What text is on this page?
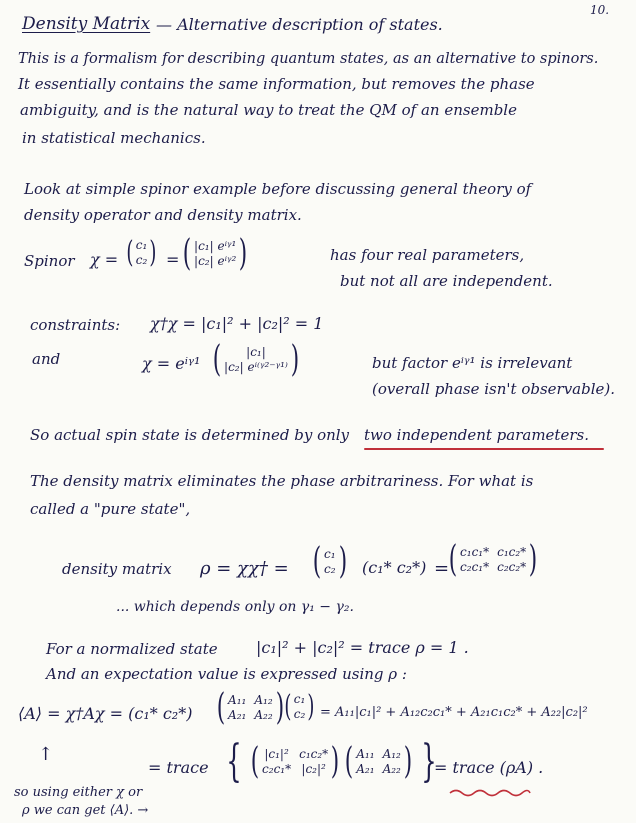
10.
Density Matrix — Alternative description of states.
This is a formalism for describing quantum states, as an alternative to spinors.
It essentially contains the same information, but removes the phase
ambiguity, and is the natural way to treat the QM of an ensemble
in statistical mechanics.
Look at simple spinor example before discussing general theory of
density operator and density matrix.
Spinor χ = ( c₁
c₂ ) = ( |c₁| eⁱᵞ¹
|c₂| eⁱᵞ² )	has four real parameters,
but not all are independent.
constraints: χ†χ = |c₁|² + |c₂|² = 1
and	χ = eⁱᵞ¹ (	|c₁|
|c₂| eⁱ⁽ᵞ²⁻ᵞ¹⁾ )	but factor eⁱᵞ¹ is irrelevant
(overall phase isn't observable).
So actual spin state is determined by only two independent parameters.
The density matrix eliminates the phase arbitrariness. For what is
called a "pure state",
density matrix ρ = χχ† = ( c₁
c₂ ) (c₁* c₂*) = ( c₁c₁* c₁c₂*
c₂c₁* c₂c₂* )
... which depends only on γ₁ − γ₂.
For a normalized state |c₁|² + |c₂|² = trace ρ = 1 .
And an expectation value is expressed using ρ :
⟨A⟩ = χ†Aχ = (c₁* c₂*) ( A₁₁ A₁₂
A₂₁ A₂₂ ) ( c₁
c₂ ) = A₁₁|c₁|² + A₁₂c₂c₁* + A₂₁c₁c₂* + A₂₂|c₂|²
↑
= trace { ( |c₁|² c₁c₂*
c₂c₁* |c₂|² ) ( A₁₁ A₁₂
A₂₁ A₂₂ ) }
= trace (ρA) .
so using either χ or
ρ we can get ⟨A⟩. →
